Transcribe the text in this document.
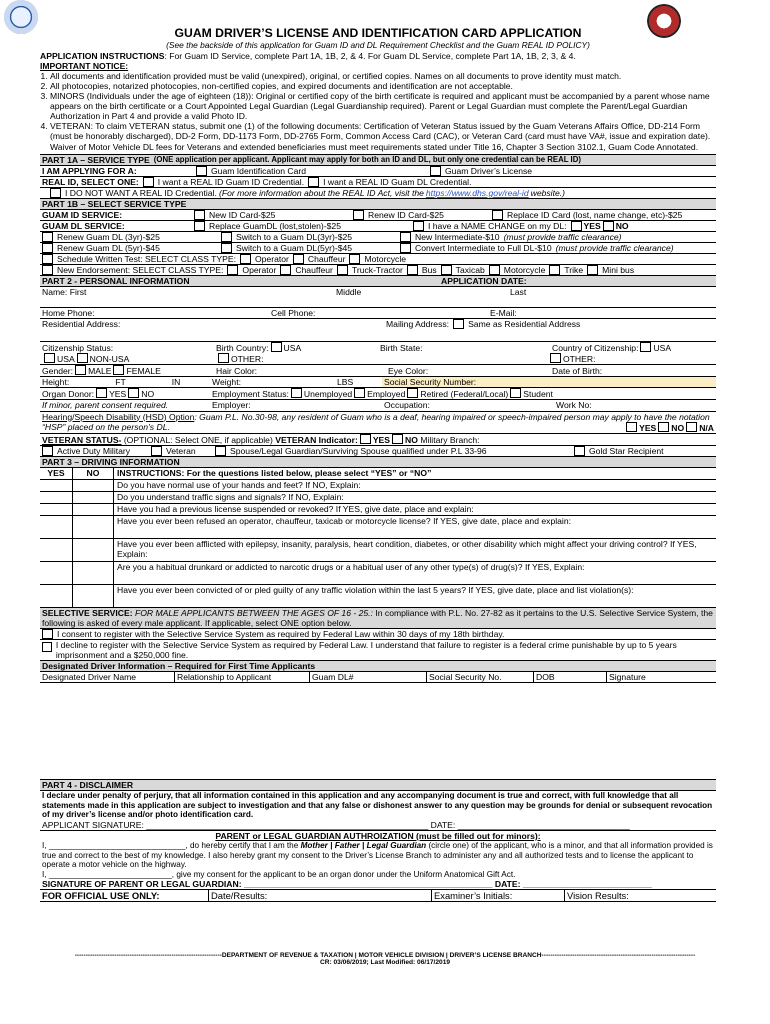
GUAM DRIVER’S LICENSE AND IDENTIFICATION CARD APPLICATION
(See the backside of this application for Guam ID and DL Requirement Checklist and the Guam REAL ID POLICY)
APPLICATION INSTRUCTIONS: For Guam ID Service, complete Part 1A, 1B, 2, & 4. For Guam DL Service, complete Part 1A, 1B, 2, 3, & 4.
IMPORTANT NOTICE:
1. All documents and identification provided must be valid (unexpired), original, or certified copies. Names on all documents to prove identity must match.
2. All photocopies, notarized photocopies, non-certified copies, and expired documents and identification are not acceptable.
3. MINORS (Individuals under the age of eighteen (18)): Original or certified copy of the birth certificate is required and applicant must be accompanied by a parent whose name appears on the birth certificate or a Court Appointed Legal Guardian (Legal Guardianship required). Parent or Legal Guardian must complete the Parent/Legal Guardian Authorization in Part 4 and provide a valid Photo ID.
4. VETERAN: To claim VETERAN status, submit one (1) of the following documents: Certification of Veteran Status issued by the Guam Veterans Affairs Office, DD-214 Form (must be honorably discharged), DD-2 Form, DD-1173 Form, DD-2765 Form, Common Access Card (CAC), or Veteran Card (card must have VA#, issue and expiration date). Waiver of Motor Vehicle DL fees for Veterans and extended beneficiaries must meet requirements stated under Title 16, Chapter 3 Section 3102.1, Guam Code Annotated.
PART 1A – SERVICE TYPE (ONE application per applicant. Applicant may apply for both an ID and DL, but only one credential can be REAL ID)
I AM APPLYING FOR A:	Guam Identification Card	Guam Driver’s License
REAL ID, SELECT ONE: I want a REAL ID Guam ID Credential. I want a REAL ID Guam DL Credential.
I DO NOT WANT A REAL ID Credential. (For more information about the REAL ID Act, visit the https://www.dhs.gov/real-id website.)
PART 1B – SELECT SERVICE TYPE
GUAM ID SERVICE:	New ID Card-$25	Renew ID Card-$25	Replace ID Card (lost, name change, etc)-$25
GUAM DL SERVICE:	Replace GuamDL (lost,stolen)-$25	I have a NAME CHANGE on my DL: YES NO
Renew Guam DL (3yr)-$25	Switch to a Guam DL(3yr)-$25	New Intermediate-$10 (must provide traffic clearance)
Renew Guam DL (5yr)-$45	Switch to a Guam DL(5yr)-$45	Convert Intermediate to Full DL-$10 (must provide traffic clearance)
Schedule Written Test: SELECT CLASS TYPE: Operator Chauffeur Motorcycle
New Endorsement: SELECT CLASS TYPE: Operator Chauffeur Truck-Tractor Bus Taxicab Motorcycle Trike Mini bus
PART 2 - PERSONAL INFORMATION	APPLICATION DATE:
Name: First	Middle	Last
Home Phone:	Cell Phone:	E-Mail:
Residential Address:	Mailing Address: Same as Residential Address
Citizenship Status:	Birth Country: USA	Birth State:	Country of Citizenship: USA
USA NON-USA	OTHER:	OTHER:
Gender: MALE FEMALE	Hair Color:	Eye Color:	Date of Birth:
Height:	FT	IN	Weight:	LBS	Social Security Number:
Organ Donor: YES NO	Employment Status: Unemployed Employed Retired (Federal/Local) Student
If minor, parent consent required.	Employer:	Occupation:	Work No:
Hearing/Speech Disability (HSD) Option: Guam P.L. No.30-98, any resident of Guam who is a deaf, hearing impaired or speech-impaired person may apply to have the notation “HSP” placed on the person’s DL.	YES NO N/A
VETERAN STATUS- (OPTIONAL: Select ONE, if applicable) VETERAN Indicator: YES NO Military Branch:
Active Duty Military	Veteran	Spouse/Legal Guardian/Surviving Spouse qualified under P.L 33-96	Gold Star Recipient
PART 3 – DRIVING INFORMATION
YES	NO	INSTRUCTIONS: For the questions listed below, please select “YES” or “NO”
Do you have normal use of your hands and feet? If NO, Explain:
Do you understand traffic signs and signals? If NO, Explain:
Have you had a previous license suspended or revoked? If YES, give date, place and explain:
Have you ever been refused an operator, chauffeur, taxicab or motorcycle license? If YES, give date, place and explain:
Have you ever been afflicted with epilepsy, insanity, paralysis, heart condition, diabetes, or other disability which might affect your driving control? If YES, Explain:
Are you a habitual drunkard or addicted to narcotic drugs or a habitual user of any other type(s) of drug(s)? If YES, Explain:
Have you ever been convicted of or pled guilty of any traffic violation within the last 5 years? If YES, give date, place and list violation(s):
SELECTIVE SERVICE: FOR MALE APPLICANTS BETWEEN THE AGES OF 16 - 25.: In compliance with P.L. No. 27-82 as it pertains to the U.S. Selective Service System, the following is asked of every male applicant. If applicable, select ONE option below.
I consent to register with the Selective Service System as required by Federal Law within 30 days of my 18th birthday.
I decline to register with the Selective Service System as required by Federal Law. I understand that failure to register is a federal crime punishable by up to 5 years imprisonment and a $250,000 fine.
Designated Driver Information – Required for First Time Applicants
Designated Driver Name	Relationship to Applicant	Guam DL#	Social Security No.	DOB	Signature
PART 4 - DISCLAIMER
I declare under penalty of perjury, that all information contained in this application and any accompanying document is true and correct, with full knowledge that all statements made in this application are subject to investigation and that any false or dishonest answer to any question may be grounds for denial or subsequent revocation of my driver’s license and/or photo identification card.
APPLICANT SIGNATURE: ___________________________________________________________ DATE: ____________________________________
PARENT or LEGAL GUARDIAN AUTHROIZATION (must be filled out for minors):
I, ______________________________, do hereby certify that I am the Mother | Father | Legal Guardian (circle one) of the applicant, who is a minor, and that all information provided is true and correct to the best of my knowledge. I also hereby grant my consent to the Driver’s License Branch to administer any and all authorized tests and to license the applicant to operate a motor vehicle on the highway.
I, ___________________________, give my consent for the applicant to be an organ donor under the Uniform Anatomical Gift Act.
SIGNATURE OF PARENT OR LEGAL GUARDIAN: ____________________________________________________ DATE: ___________________________
FOR OFFICIAL USE ONLY:	Date/Results:	Examiner’s Initials:	Vision Results:
-------------------------------------------------------------------DEPARTMENT OF REVENUE & TAXATION | MOTOR VEHICLE DIVISION | DRIVER’S LICENSE BRANCH----------------------------------------------------------------------
CR: 03/06/2019; Last Modified: 06/17/2019
